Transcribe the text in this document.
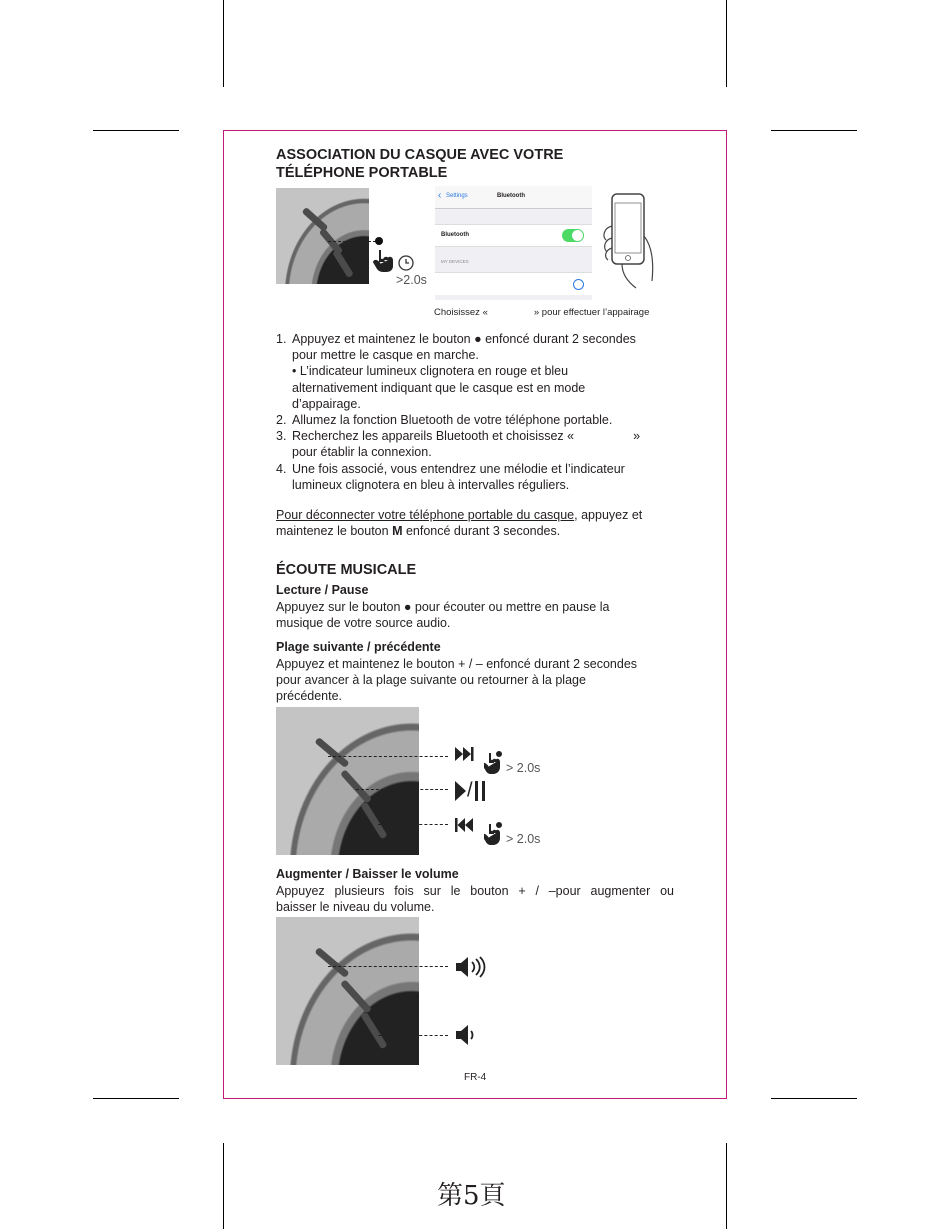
ASSOCIATION DU CASQUE AVEC VOTRE
TÉLÉPHONE PORTABLE
>2.0s
‹ Settings	Bluetooth
Bluetooth
MY DEVICES
Choisissez «	» pour effectuer l’appairage
1. Appuyez et maintenez le bouton ● enfoncé durant 2 secondes
pour mettre le casque en marche.
• L’indicateur lumineux clignotera en rouge et bleu
alternativement indiquant que le casque est en mode
d’appairage.
2. Allumez la fonction Bluetooth de votre téléphone portable.
3. Recherchez les appareils Bluetooth et choisissez «                 »
pour établir la connexion.
4. Une fois associé, vous entendrez une mélodie et l’indicateur
lumineux clignotera en bleu à intervalles réguliers.
Pour déconnecter votre téléphone portable du casque, appuyez et
maintenez le bouton M enfoncé durant 3 secondes.
ÉCOUTE MUSICALE
Lecture / Pause
Appuyez sur le bouton ● pour écouter ou mettre en pause la
musique de votre source audio.
Plage suivante / précédente
Appuyez et maintenez le bouton + / – enfoncé durant 2 secondes
pour avancer à la plage suivante ou retourner à la plage
précédente.
> 2.0s
/
> 2.0s
Augmenter / Baisser le volume
Appuyez plusieurs fois sur le bouton + / –pour augmenter ou
baisser le niveau du volume.
FR-4
第5頁
